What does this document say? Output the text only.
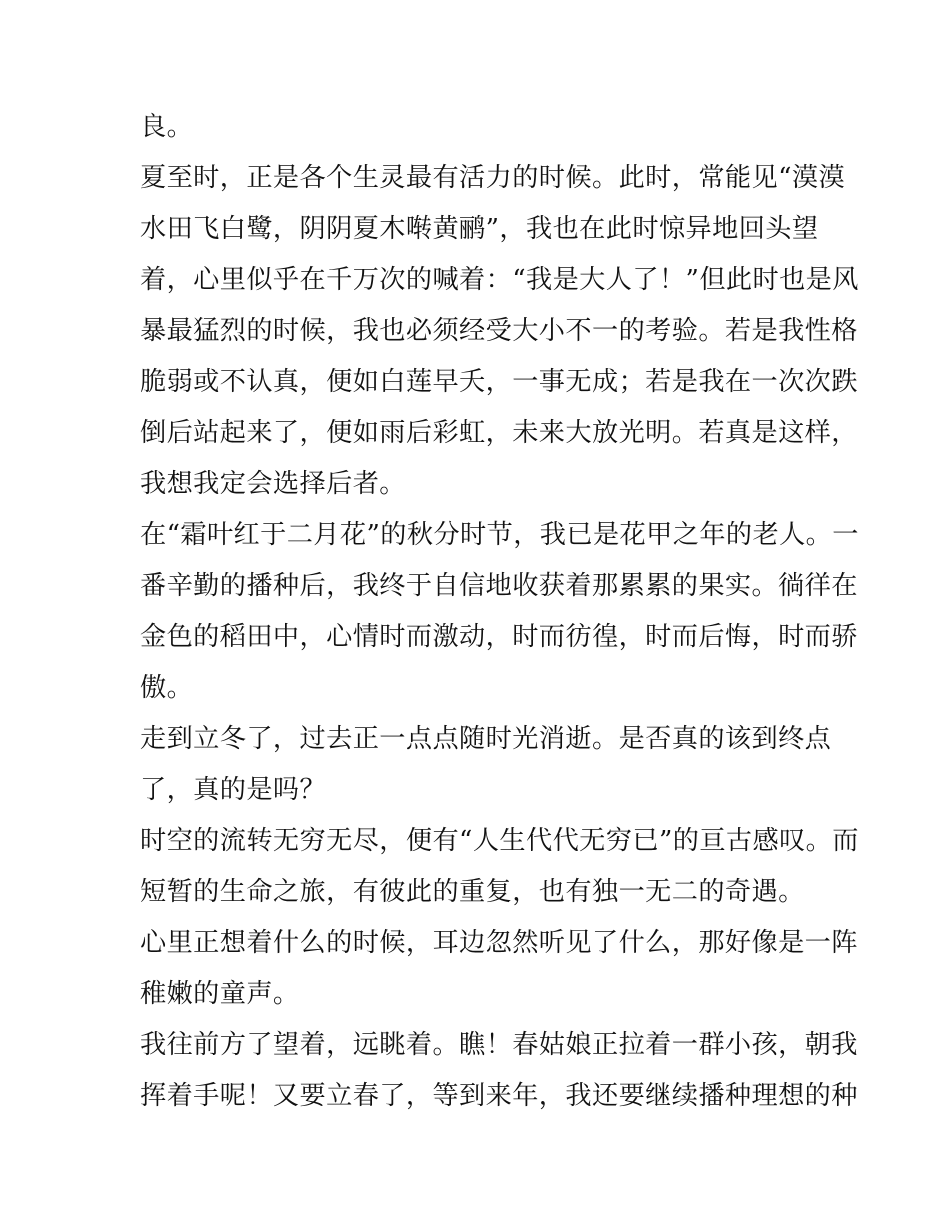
良。
夏至时，正是各个生灵最有活力的时候。此时，常能见“漠漠
水田飞白鹭，阴阴夏木啭黄鹂”，我也在此时惊异地回头望
着，心里似乎在千万次的喊着：“我是大人了！”但此时也是风
暴最猛烈的时候，我也必须经受大小不一的考验。若是我性格
脆弱或不认真，便如白莲早夭，一事无成；若是我在一次次跌
倒后站起来了，便如雨后彩虹，未来大放光明。若真是这样，
我想我定会选择后者。
在“霜叶红于二月花”的秋分时节，我已是花甲之年的老人。一
番辛勤的播种后，我终于自信地收获着那累累的果实。徜徉在
金色的稻田中，心情时而激动，时而彷徨，时而后悔，时而骄
傲。
走到立冬了，过去正一点点随时光消逝。是否真的该到终点
了，真的是吗？
时空的流转无穷无尽，便有“人生代代无穷已”的亘古感叹。而
短暂的生命之旅，有彼此的重复，也有独一无二的奇遇。
心里正想着什么的时候，耳边忽然听见了什么，那好像是一阵
稚嫩的童声。
我往前方了望着，远眺着。瞧！春姑娘正拉着一群小孩，朝我
挥着手呢！又要立春了，等到来年，我还要继续播种理想的种
